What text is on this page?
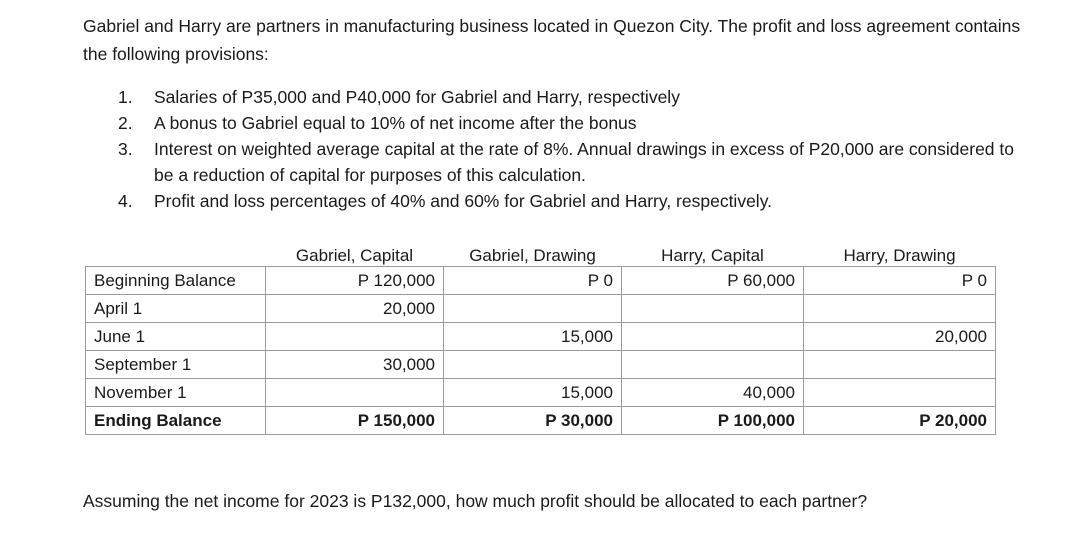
Gabriel and Harry are partners in manufacturing business located in Quezon City. The profit and loss agreement contains the following provisions:

1. Salaries of P35,000 and P40,000 for Gabriel and Harry, respectively
2. A bonus to Gabriel equal to 10% of net income after the bonus
3. Interest on weighted average capital at the rate of 8%. Annual drawings in excess of P20,000 are considered to be a reduction of capital for purposes of this calculation.
4. Profit and loss percentages of 40% and 60% for Gabriel and Harry, respectively.
	Gabriel, Capital	Gabriel, Drawing	Harry, Capital	Harry, Drawing
Beginning Balance	P 120,000	P 0	P 60,000	P 0
April 1	20,000			
June 1		15,000		20,000
September 1	30,000			
November 1		15,000	40,000	
Ending Balance	P 150,000	P 30,000	P 100,000	P 20,000

Assuming the net income for 2023 is P132,000, how much profit should be allocated to each partner?
